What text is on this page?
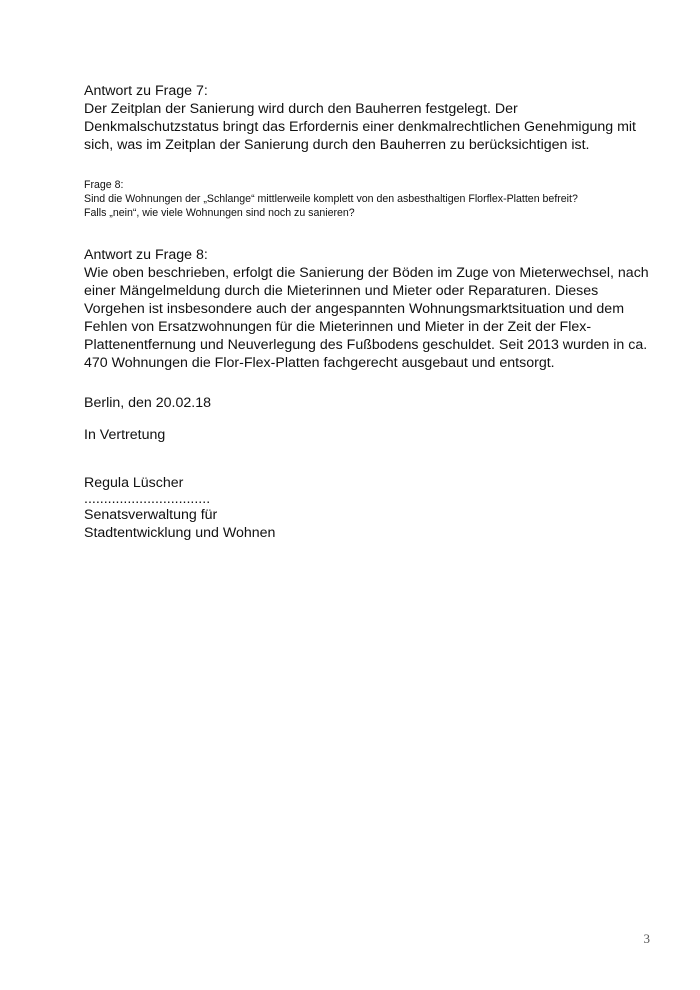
Antwort zu Frage 7:
Der Zeitplan der Sanierung wird durch den Bauherren festgelegt. Der
Denkmalschutzstatus bringt das Erfordernis einer denkmalrechtlichen Genehmigung mit
sich, was im Zeitplan der Sanierung durch den Bauherren zu berücksichtigen ist.
Frage 8:
Sind die Wohnungen der „Schlange“ mittlerweile komplett von den asbesthaltigen Florflex-Platten befreit?
Falls „nein“, wie viele Wohnungen sind noch zu sanieren?
Antwort zu Frage 8:
Wie oben beschrieben, erfolgt die Sanierung der Böden im Zuge von Mieterwechsel, nach
einer Mängelmeldung durch die Mieterinnen und Mieter oder Reparaturen. Dieses
Vorgehen ist insbesondere auch der angespannten Wohnungsmarktsituation und dem
Fehlen von Ersatzwohnungen für die Mieterinnen und Mieter in der Zeit der Flex-
Plattenentfernung und Neuverlegung des Fußbodens geschuldet. Seit 2013 wurden in ca.
470 Wohnungen die Flor-Flex-Platten fachgerecht ausgebaut und entsorgt.
Berlin, den 20.02.18
In Vertretung
Regula Lüscher
................................
Senatsverwaltung für
Stadtentwicklung und Wohnen
3
